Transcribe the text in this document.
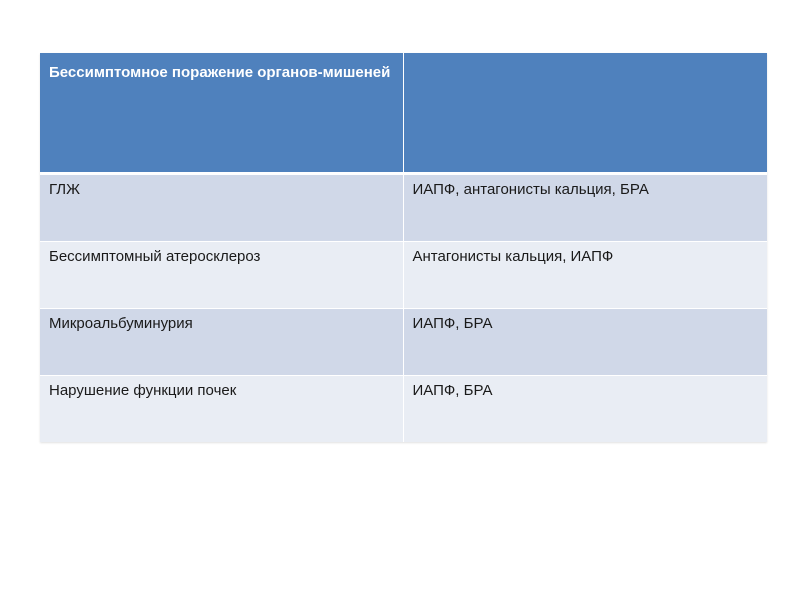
Бессимптомное поражение органов-мишеней	
ГЛЖ	ИАПФ, антагонисты кальция, БРА
Бессимптомный атеросклероз	Антагонисты кальция, ИАПФ
Микроальбуминурия	ИАПФ, БРА
Нарушение функции почек	ИАПФ, БРА
